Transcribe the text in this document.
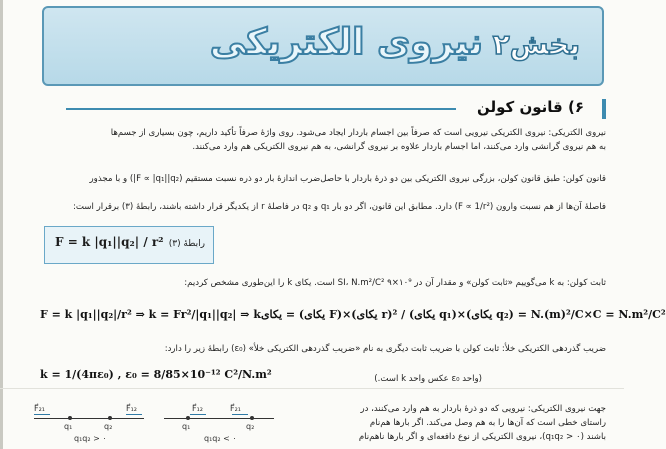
بخش۲ نیروی الکتریکی
۶) قانون کولن
نیروی الکتریکی: نیروی الکتریکی نیرویی است که صرفاً بین اجسام باردار ایجاد می‌شود. روی واژهٔ صرفاً تأکید داریم، چون بسیاری از جسم‌ها
به هم نیروی گرانشی وارد می‌کنند، اما اجسام باردار علاوه بر نیروی گرانشی، به هم نیروی الکتریکی هم وارد می‌کنند.
قانون کولن: طبق قانون کولن، بزرگی نیروی الکتریکی بین دو ذرهٔ باردار با حاصل‌ضرب اندازهٔ بار دو ذره نسبت مستقیم (F ∝ |q₁||q₂|) و با مجذور
فاصلهٔ آن‌ها از هم نسبت وارون (F ∝ 1/r²) دارد. مطابق این قانون، اگر دو بار q₁ و q₂ در فاصلهٔ r از یکدیگر قرار داشته باشند، رابطهٔ (۳) برقرار است:
F = k |q₁||q₂| / r² رابطهٔ (۳)
ثابت کولن: به k می‌گوییم «ثابت کولن» و مقدار آن در SI، N.m²/C² ۹×۱۰⁹ است. یکای k را این‌طوری مشخص کردیم:
F = k |q₁||q₂|/r² ⇒ k = Fr²/|q₁||q₂| ⇒ kیکای = (یکای F)×(یکای r)² / (یکای q₁)×(یکای q₂) = N.(m)²/C×C = N.m²/C²
ضریب گذردهی الکتریکی خلأ: ثابت کولن با ضریب ثابت دیگری به نام «ضریب گذردهی الکتریکی خلأ» (ε₀) رابطهٔ زیر را دارد:
k = 1/(4πε₀) , ε₀ = 8/85×10⁻¹² C²/N.m²	(واحد ε₀ عکس واحد k است.)
جهت نیروی الکتریکی: نیرویی که دو ذرهٔ باردار به هم وارد می‌کنند، در
راستای خطی است که آن‌ها را به هم وصل می‌کند. اگر بارها هم‌نام
باشند (q₁q₂ > ۰)، نیروی الکتریکی از نوع دافعه‌ای و اگر بارها ناهم‌نام
F⃗₂₁	F⃗₁₂
q₁	q₂
q₁q₂ > ۰
q₁	q₂
F⃗₁₂	F⃗₂₁
q₁q₂ < ۰
